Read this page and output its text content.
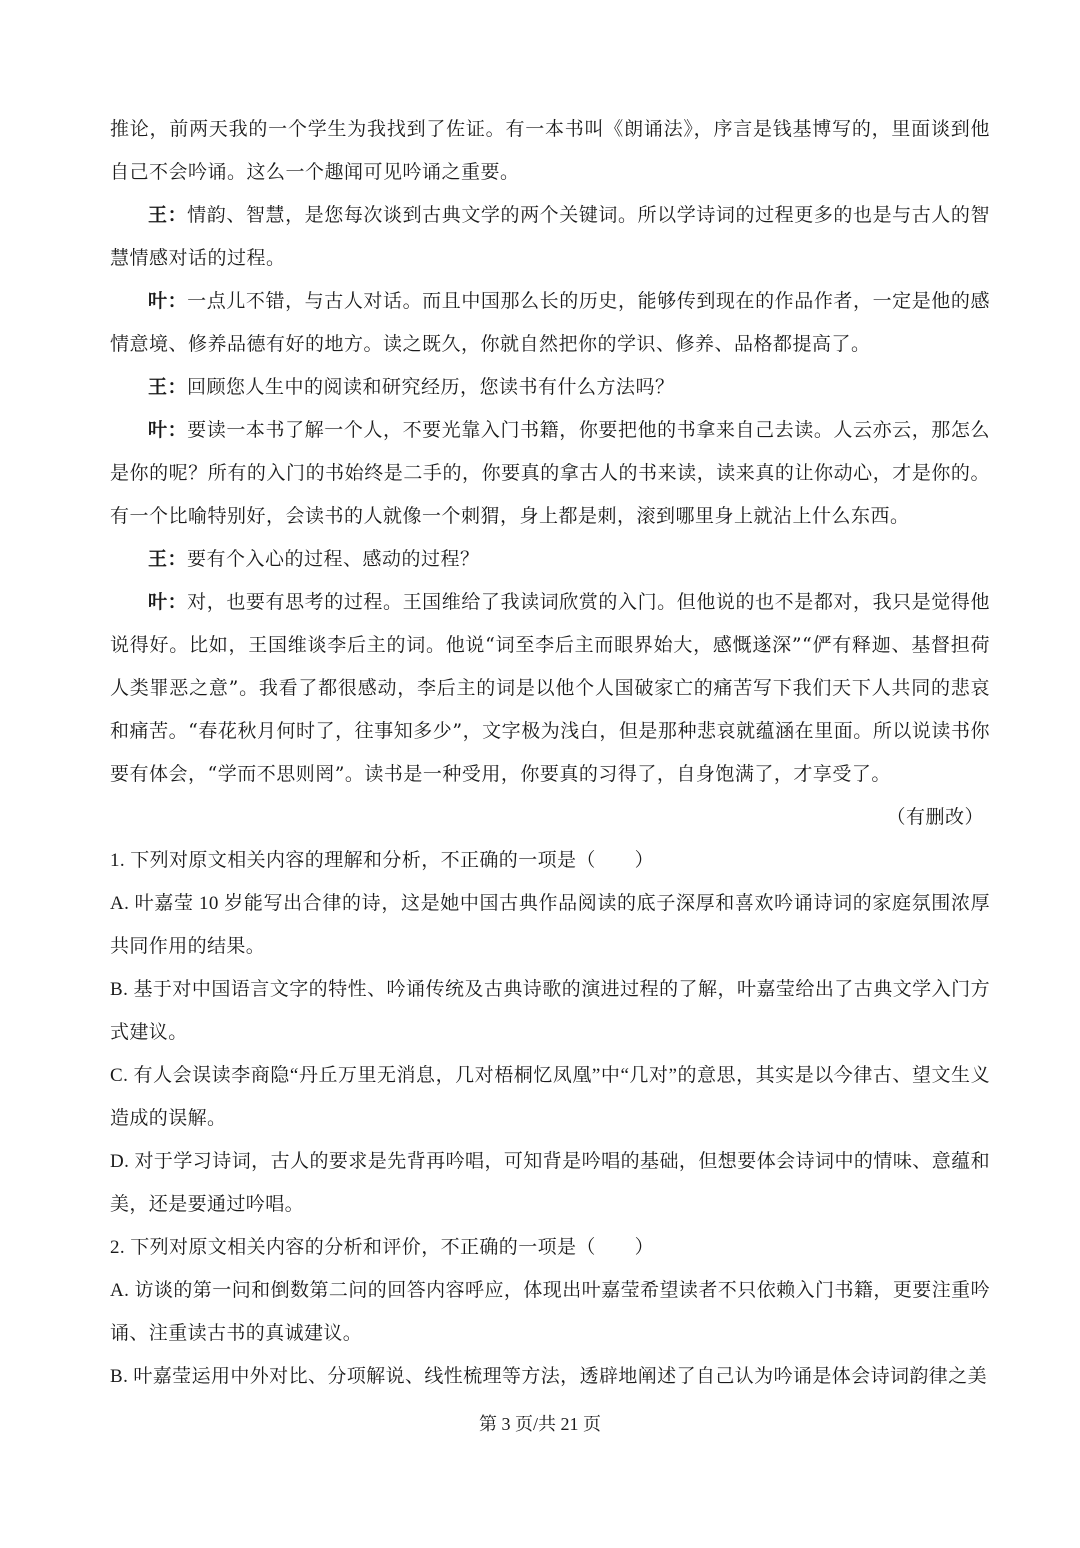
推论，前两天我的一个学生为我找到了佐证。有一本书叫《朗诵法》，序言是钱基博写的，里面谈到他自己不会吟诵。这么一个趣闻可见吟诵之重要。

王：情韵、智慧，是您每次谈到古典文学的两个关键词。所以学诗词的过程更多的也是与古人的智慧情感对话的过程。

叶：一点儿不错，与古人对话。而且中国那么长的历史，能够传到现在的作品作者，一定是他的感情意境、修养品德有好的地方。读之既久，你就自然把你的学识、修养、品格都提高了。

王：回顾您人生中的阅读和研究经历，您读书有什么方法吗？

叶：要读一本书了解一个人，不要光靠入门书籍，你要把他的书拿来自己去读。人云亦云，那怎么是你的呢？所有的入门的书始终是二手的，你要真的拿古人的书来读，读来真的让你动心，才是你的。有一个比喻特别好，会读书的人就像一个刺猬，身上都是刺，滚到哪里身上就沾上什么东西。

王：要有个入心的过程、感动的过程？

叶：对，也要有思考的过程。王国维给了我读词欣赏的入门。但他说的也不是都对，我只是觉得他说得好。比如，王国维谈李后主的词。他说“词至李后主而眼界始大，感慨遂深”“俨有释迦、基督担荷人类罪恶之意”。我看了都很感动，李后主的词是以他个人国破家亡的痛苦写下我们天下人共同的悲哀和痛苦。“春花秋月何时了，往事知多少”，文字极为浅白，但是那种悲哀就蕴涵在里面。所以说读书你要有体会，“学而不思则罔”。读书是一种受用，你要真的习得了，自身饱满了，才享受了。

（有删改）

1. 下列对原文相关内容的理解和分析，不正确的一项是（　　）

A. 叶嘉莹 10 岁能写出合律的诗，这是她中国古典作品阅读的底子深厚和喜欢吟诵诗词的家庭氛围浓厚共同作用的结果。

B. 基于对中国语言文字的特性、吟诵传统及古典诗歌的演进过程的了解，叶嘉莹给出了古典文学入门方式建议。

C. 有人会误读李商隐“丹丘万里无消息，几对梧桐忆凤凰”中“几对”的意思，其实是以今律古、望文生义造成的误解。

D. 对于学习诗词，古人的要求是先背再吟唱，可知背是吟唱的基础，但想要体会诗词中的情味、意蕴和美，还是要通过吟唱。

2. 下列对原文相关内容的分析和评价，不正确的一项是（　　）

A. 访谈的第一问和倒数第二问的回答内容呼应，体现出叶嘉莹希望读者不只依赖入门书籍，更要注重吟诵、注重读古书的真诚建议。

B. 叶嘉莹运用中外对比、分项解说、线性梳理等方法，透辟地阐述了自己认为吟诵是体会诗词韵律之美

第 3 页/共 21 页
